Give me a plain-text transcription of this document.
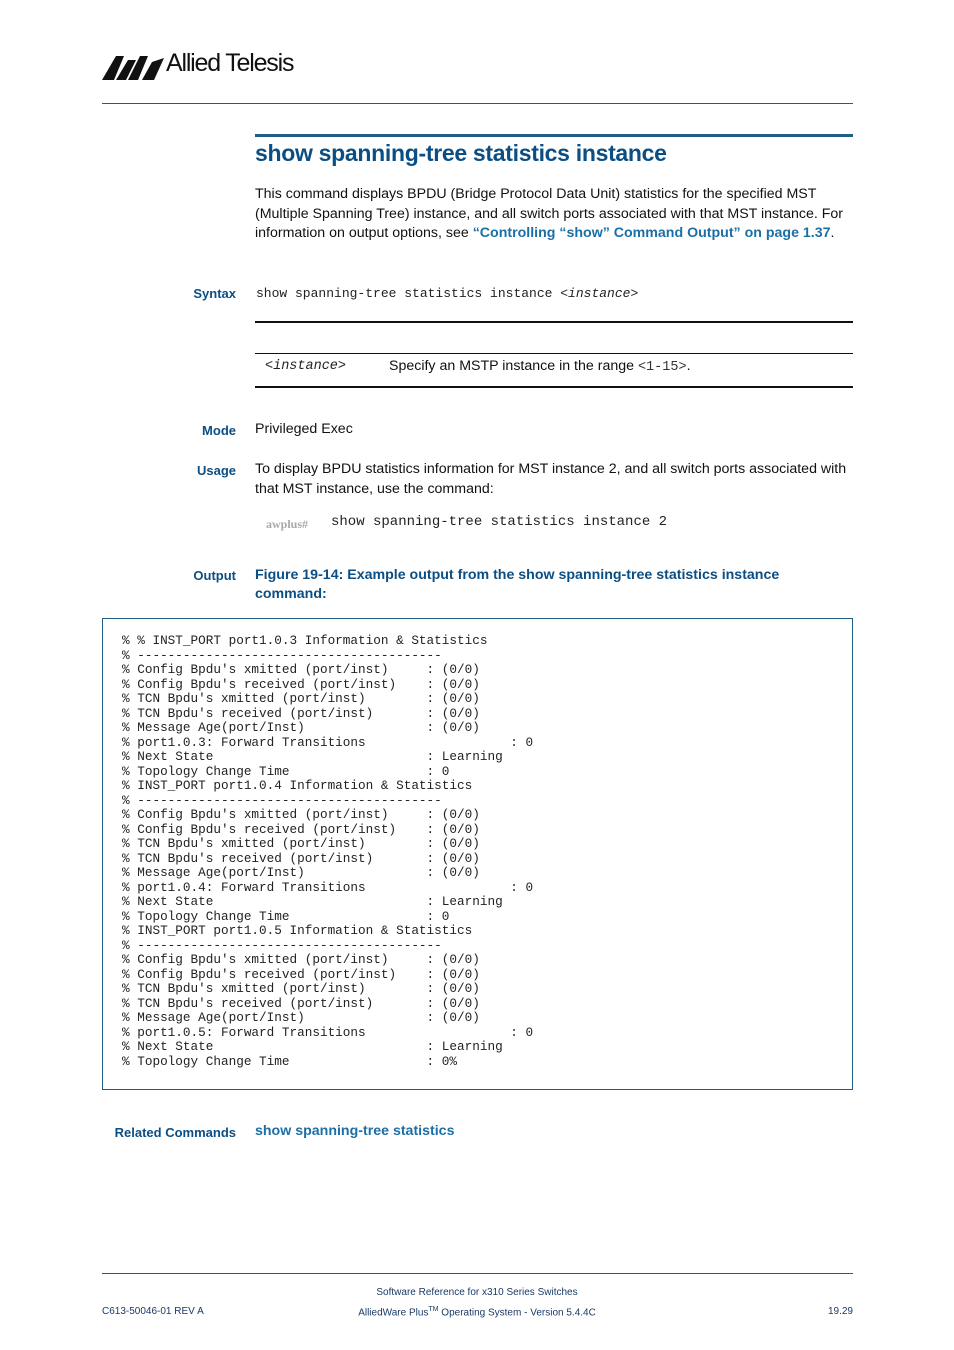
Allied Telesis
show spanning-tree statistics instance
This command displays BPDU (Bridge Protocol Data Unit) statistics for the specified MST (Multiple Spanning Tree) instance, and all switch ports associated with that MST instance. For information on output options, see “Controlling “show” Command Output” on page 1.37.
Syntax show spanning-tree statistics instance <instance>
<instance>	Specify an MSTP instance in the range <1-15>.
Mode Privileged Exec
Usage To display BPDU statistics information for MST instance 2, and all switch ports associated with that MST instance, use the command:
awplus# show spanning-tree statistics instance 2
Output Figure 19-14: Example output from the show spanning-tree statistics instance command:
% % INST_PORT port1.0.3 Information & Statistics
% ----------------------------------------
% Config Bpdu's xmitted (port/inst)     : (0/0)
% Config Bpdu's received (port/inst)    : (0/0)
% TCN Bpdu's xmitted (port/inst)        : (0/0)
% TCN Bpdu's received (port/inst)       : (0/0)
% Message Age(port/Inst)                : (0/0)
% port1.0.3: Forward Transitions                   : 0
% Next State                            : Learning
% Topology Change Time                  : 0
% INST_PORT port1.0.4 Information & Statistics
% ----------------------------------------
% Config Bpdu's xmitted (port/inst)     : (0/0)
% Config Bpdu's received (port/inst)    : (0/0)
% TCN Bpdu's xmitted (port/inst)        : (0/0)
% TCN Bpdu's received (port/inst)       : (0/0)
% Message Age(port/Inst)                : (0/0)
% port1.0.4: Forward Transitions                   : 0
% Next State                            : Learning
% Topology Change Time                  : 0
% INST_PORT port1.0.5 Information & Statistics
% ----------------------------------------
% Config Bpdu's xmitted (port/inst)     : (0/0)
% Config Bpdu's received (port/inst)    : (0/0)
% TCN Bpdu's xmitted (port/inst)        : (0/0)
% TCN Bpdu's received (port/inst)       : (0/0)
% Message Age(port/Inst)                : (0/0)
% port1.0.5: Forward Transitions                   : 0
% Next State                            : Learning
% Topology Change Time                  : 0%
Related Commands show spanning-tree statistics
C613-50046-01 REV A
Software Reference for x310 Series Switches
AlliedWare Plus™ Operating System - Version 5.4.4C	19.29
